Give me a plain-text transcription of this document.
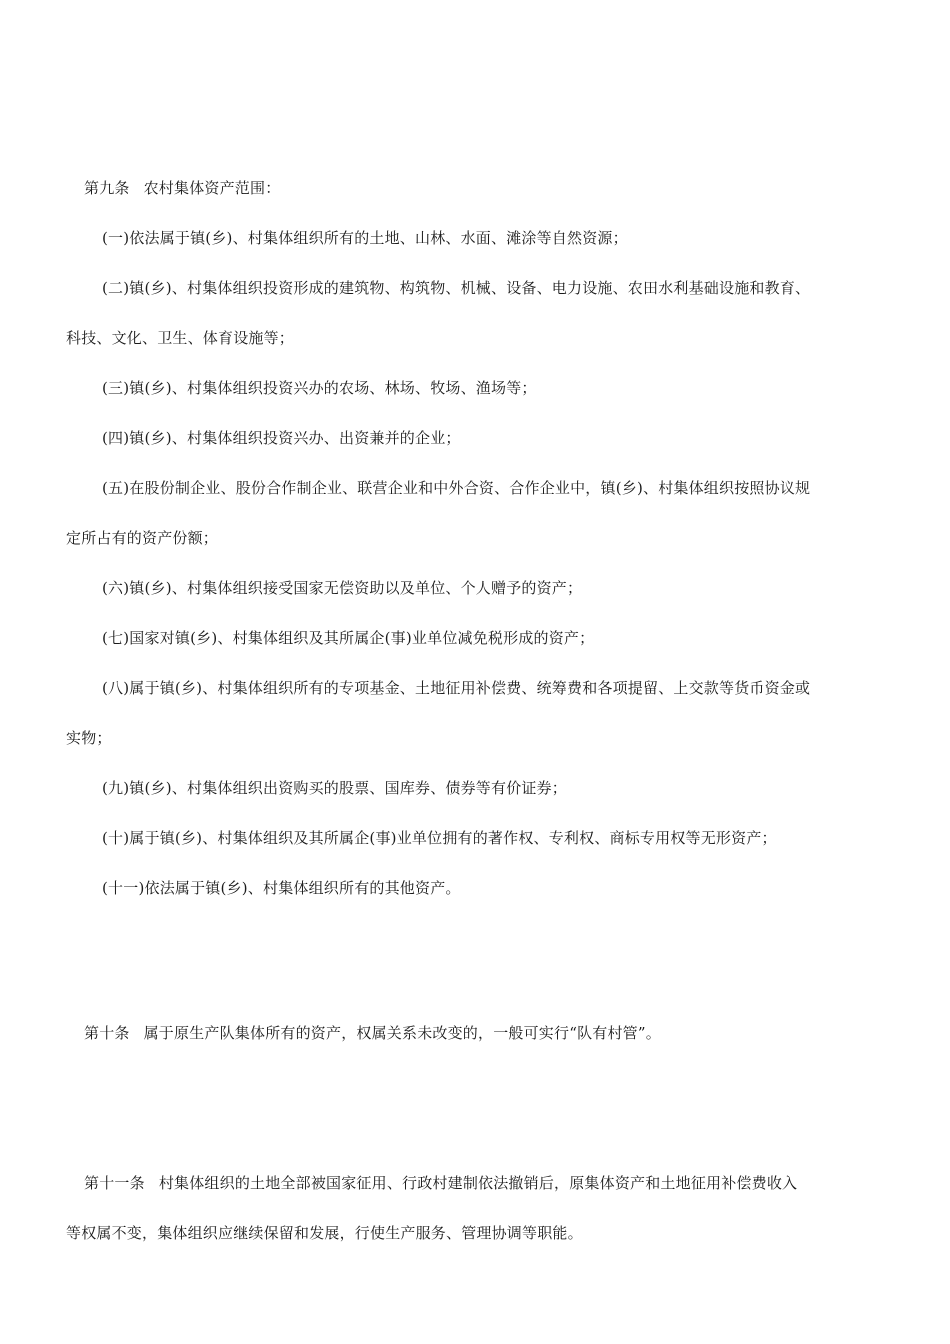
第九条 农村集体资产范围：
(一)依法属于镇(乡)、村集体组织所有的土地、山林、水面、滩涂等自然资源；
(二)镇(乡)、村集体组织投资形成的建筑物、构筑物、机械、设备、电力设施、农田水利基础设施和教育、
科技、文化、卫生、体育设施等；
(三)镇(乡)、村集体组织投资兴办的农场、林场、牧场、渔场等；
(四)镇(乡)、村集体组织投资兴办、出资兼并的企业；
(五)在股份制企业、股份合作制企业、联营企业和中外合资、合作企业中，镇(乡)、村集体组织按照协议规
定所占有的资产份额；
(六)镇(乡)、村集体组织接受国家无偿资助以及单位、个人赠予的资产；
(七)国家对镇(乡)、村集体组织及其所属企(事)业单位减免税形成的资产；
(八)属于镇(乡)、村集体组织所有的专项基金、土地征用补偿费、统筹费和各项提留、上交款等货币资金或
实物；
(九)镇(乡)、村集体组织出资购买的股票、国库券、债券等有价证券；
(十)属于镇(乡)、村集体组织及其所属企(事)业单位拥有的著作权、专利权、商标专用权等无形资产；
(十一)依法属于镇(乡)、村集体组织所有的其他资产。
第十条 属于原生产队集体所有的资产，权属关系未改变的，一般可实行“队有村管”。
第十一条 村集体组织的土地全部被国家征用、行政村建制依法撤销后，原集体资产和土地征用补偿费收入
等权属不变，集体组织应继续保留和发展，行使生产服务、管理协调等职能。
